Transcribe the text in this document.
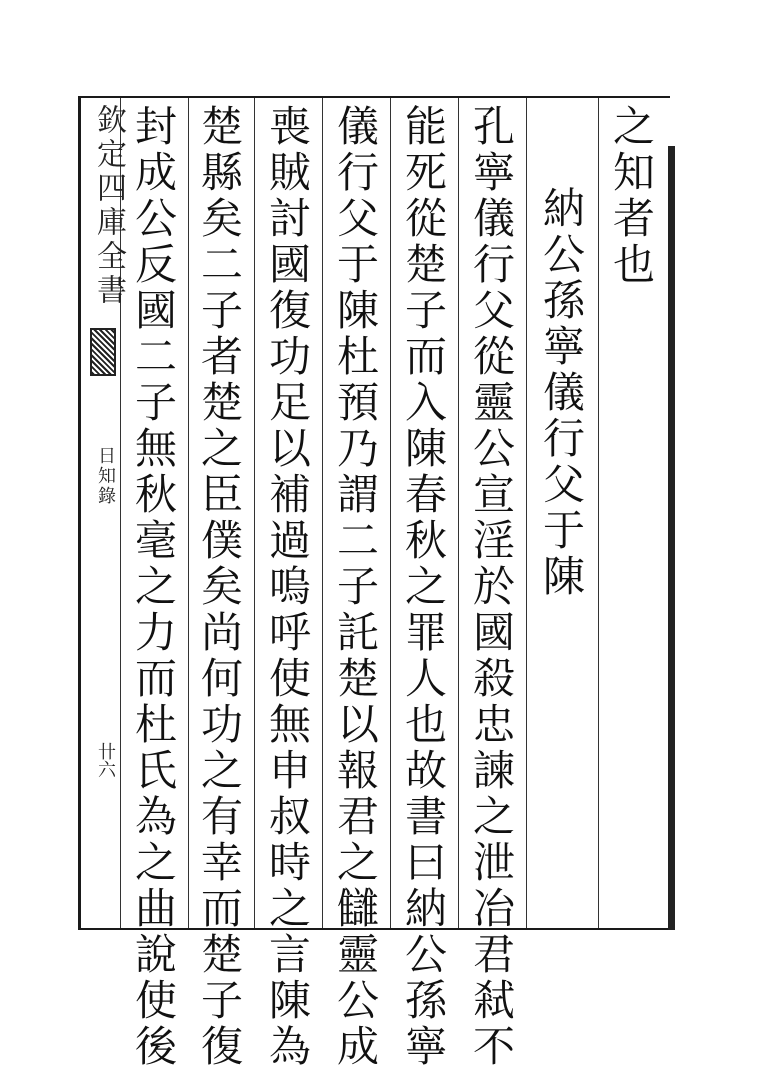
欽定四庫全書
日知錄
卄六
之知者也
納公孫寧儀行父于陳
孔寧儀行父從靈公宣淫於國殺忠諫之泄冶君弒不
能死從楚子而入陳春秋之罪人也故書曰納公孫寧
儀行父于陳杜預乃謂二子託楚以報君之讎靈公成
喪賊討國復功足以補過嗚呼使無申叔時之言陳為
楚縣矣二子者楚之臣僕矣尚何功之有幸而楚子復
封成公反國二子無秋毫之力而杜氏為之曲說使後
